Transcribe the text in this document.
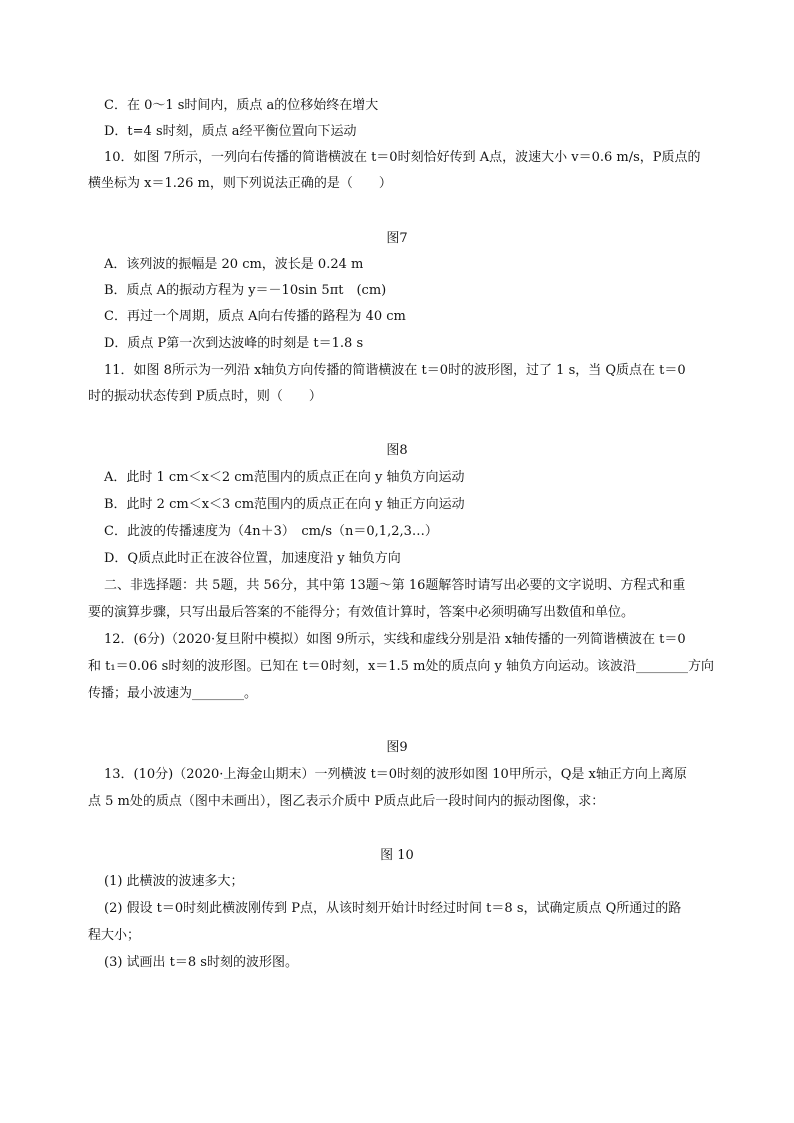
C．在 0～1 s时间内，质点 a的位移始终在增大
D．t=4 s时刻，质点 a经平衡位置向下运动
10．如图 7所示，一列向右传播的简谐横波在 t＝0时刻恰好传到 A点，波速大小 v＝0.6 m/s，P质点的
横坐标为 x＝1.26 m，则下列说法正确的是（　　）
图7
A．该列波的振幅是 20 cm，波长是 0.24 m
B．质点 A的振动方程为 y＝－10sin 5πt　(cm)
C．再过一个周期，质点 A向右传播的路程为 40 cm
D．质点 P第一次到达波峰的时刻是 t＝1.8 s
11．如图 8所示为一列沿 x轴负方向传播的简谐横波在 t＝0时的波形图，过了 1 s，当 Q质点在 t＝0
时的振动状态传到 P质点时，则（　　）
图8
A．此时 1 cm＜x＜2 cm范围内的质点正在向 y 轴负方向运动
B．此时 2 cm＜x＜3 cm范围内的质点正在向 y 轴正方向运动
C．此波的传播速度为（4n＋3）　cm/s（n＝0,1,2,3…）
D．Q质点此时正在波谷位置，加速度沿 y 轴负方向
二、非选择题：共 5题，共 56分，其中第 13题～第 16题解答时请写出必要的文字说明、方程式和重
要的演算步骤，只写出最后答案的不能得分；有效值计算时，答案中必须明确写出数值和单位。
12．(6分)（2020·复旦附中模拟）如图 9所示，实线和虚线分别是沿 x轴传播的一列简谐横波在 t＝0
和 t₁＝0.06 s时刻的波形图。已知在 t＝0时刻，x＝1.5 m处的质点向 y 轴负方向运动。该波沿________方向
传播；最小波速为________。
图9
13．(10分)（2020·上海金山期末）一列横波 t＝0时刻的波形如图 10甲所示，Q是 x轴正方向上离原
点 5 m处的质点（图中未画出），图乙表示介质中 P质点此后一段时间内的振动图像，求：
图 10
(1) 此横波的波速多大；
(2) 假设 t＝0时刻此横波刚传到 P点，从该时刻开始计时经过时间 t＝8 s，试确定质点 Q所通过的路
程大小；
(3) 试画出 t＝8 s时刻的波形图。
